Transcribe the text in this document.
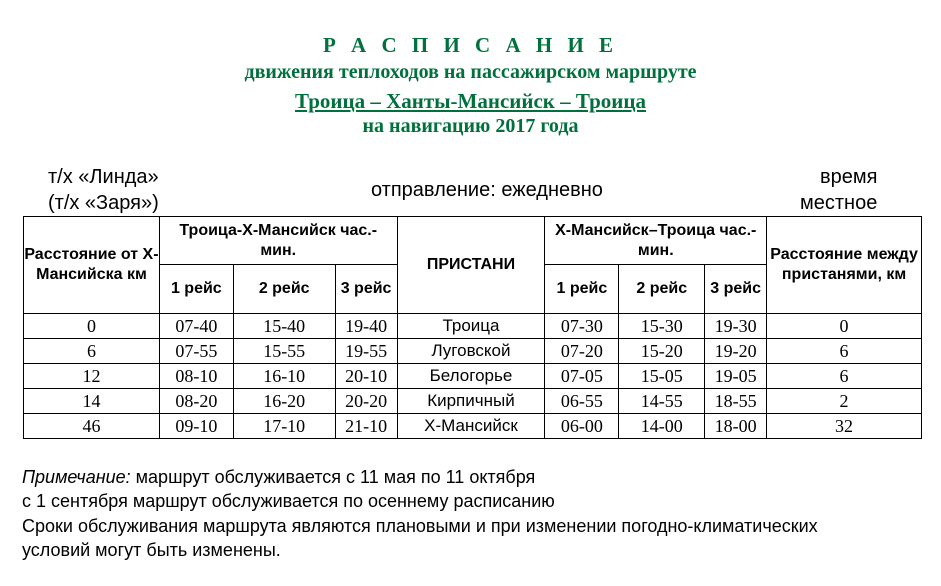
Р А С П И С А Н И Е
движения теплоходов на пассажирском маршруте
Троица – Ханты-Мансийск – Троица
на навигацию 2017 года
т/х «Линда»
(т/х «Заря»)
отправление: ежедневно
время
местное
Расстояние от Х-Мансийска км	Троица-Х-Мансийск час.- мин.			ПРИСТАНИ	Х-Мансийск–Троица час.- мин.			Расстояние между пристанями, км
	1 рейс	2 рейс	3 рейс		1 рейс	2 рейс	3 рейс	
0	07-40	15-40	19-40	Троица	07-30	15-30	19-30	0
6	07-55	15-55	19-55	Луговской	07-20	15-20	19-20	6
12	08-10	16-10	20-10	Белогорье	07-05	15-05	19-05	6
14	08-20	16-20	20-20	Кирпичный	06-55	14-55	18-55	2
46	09-10	17-10	21-10	Х-Мансийск	06-00	14-00	18-00	32
Примечание: маршрут обслуживается с 11 мая по 11 октября
с 1 сентября маршрут обслуживается по осеннему расписанию
Сроки обслуживания маршрута являются плановыми и при изменении погодно-климатических
условий могут быть изменены.
